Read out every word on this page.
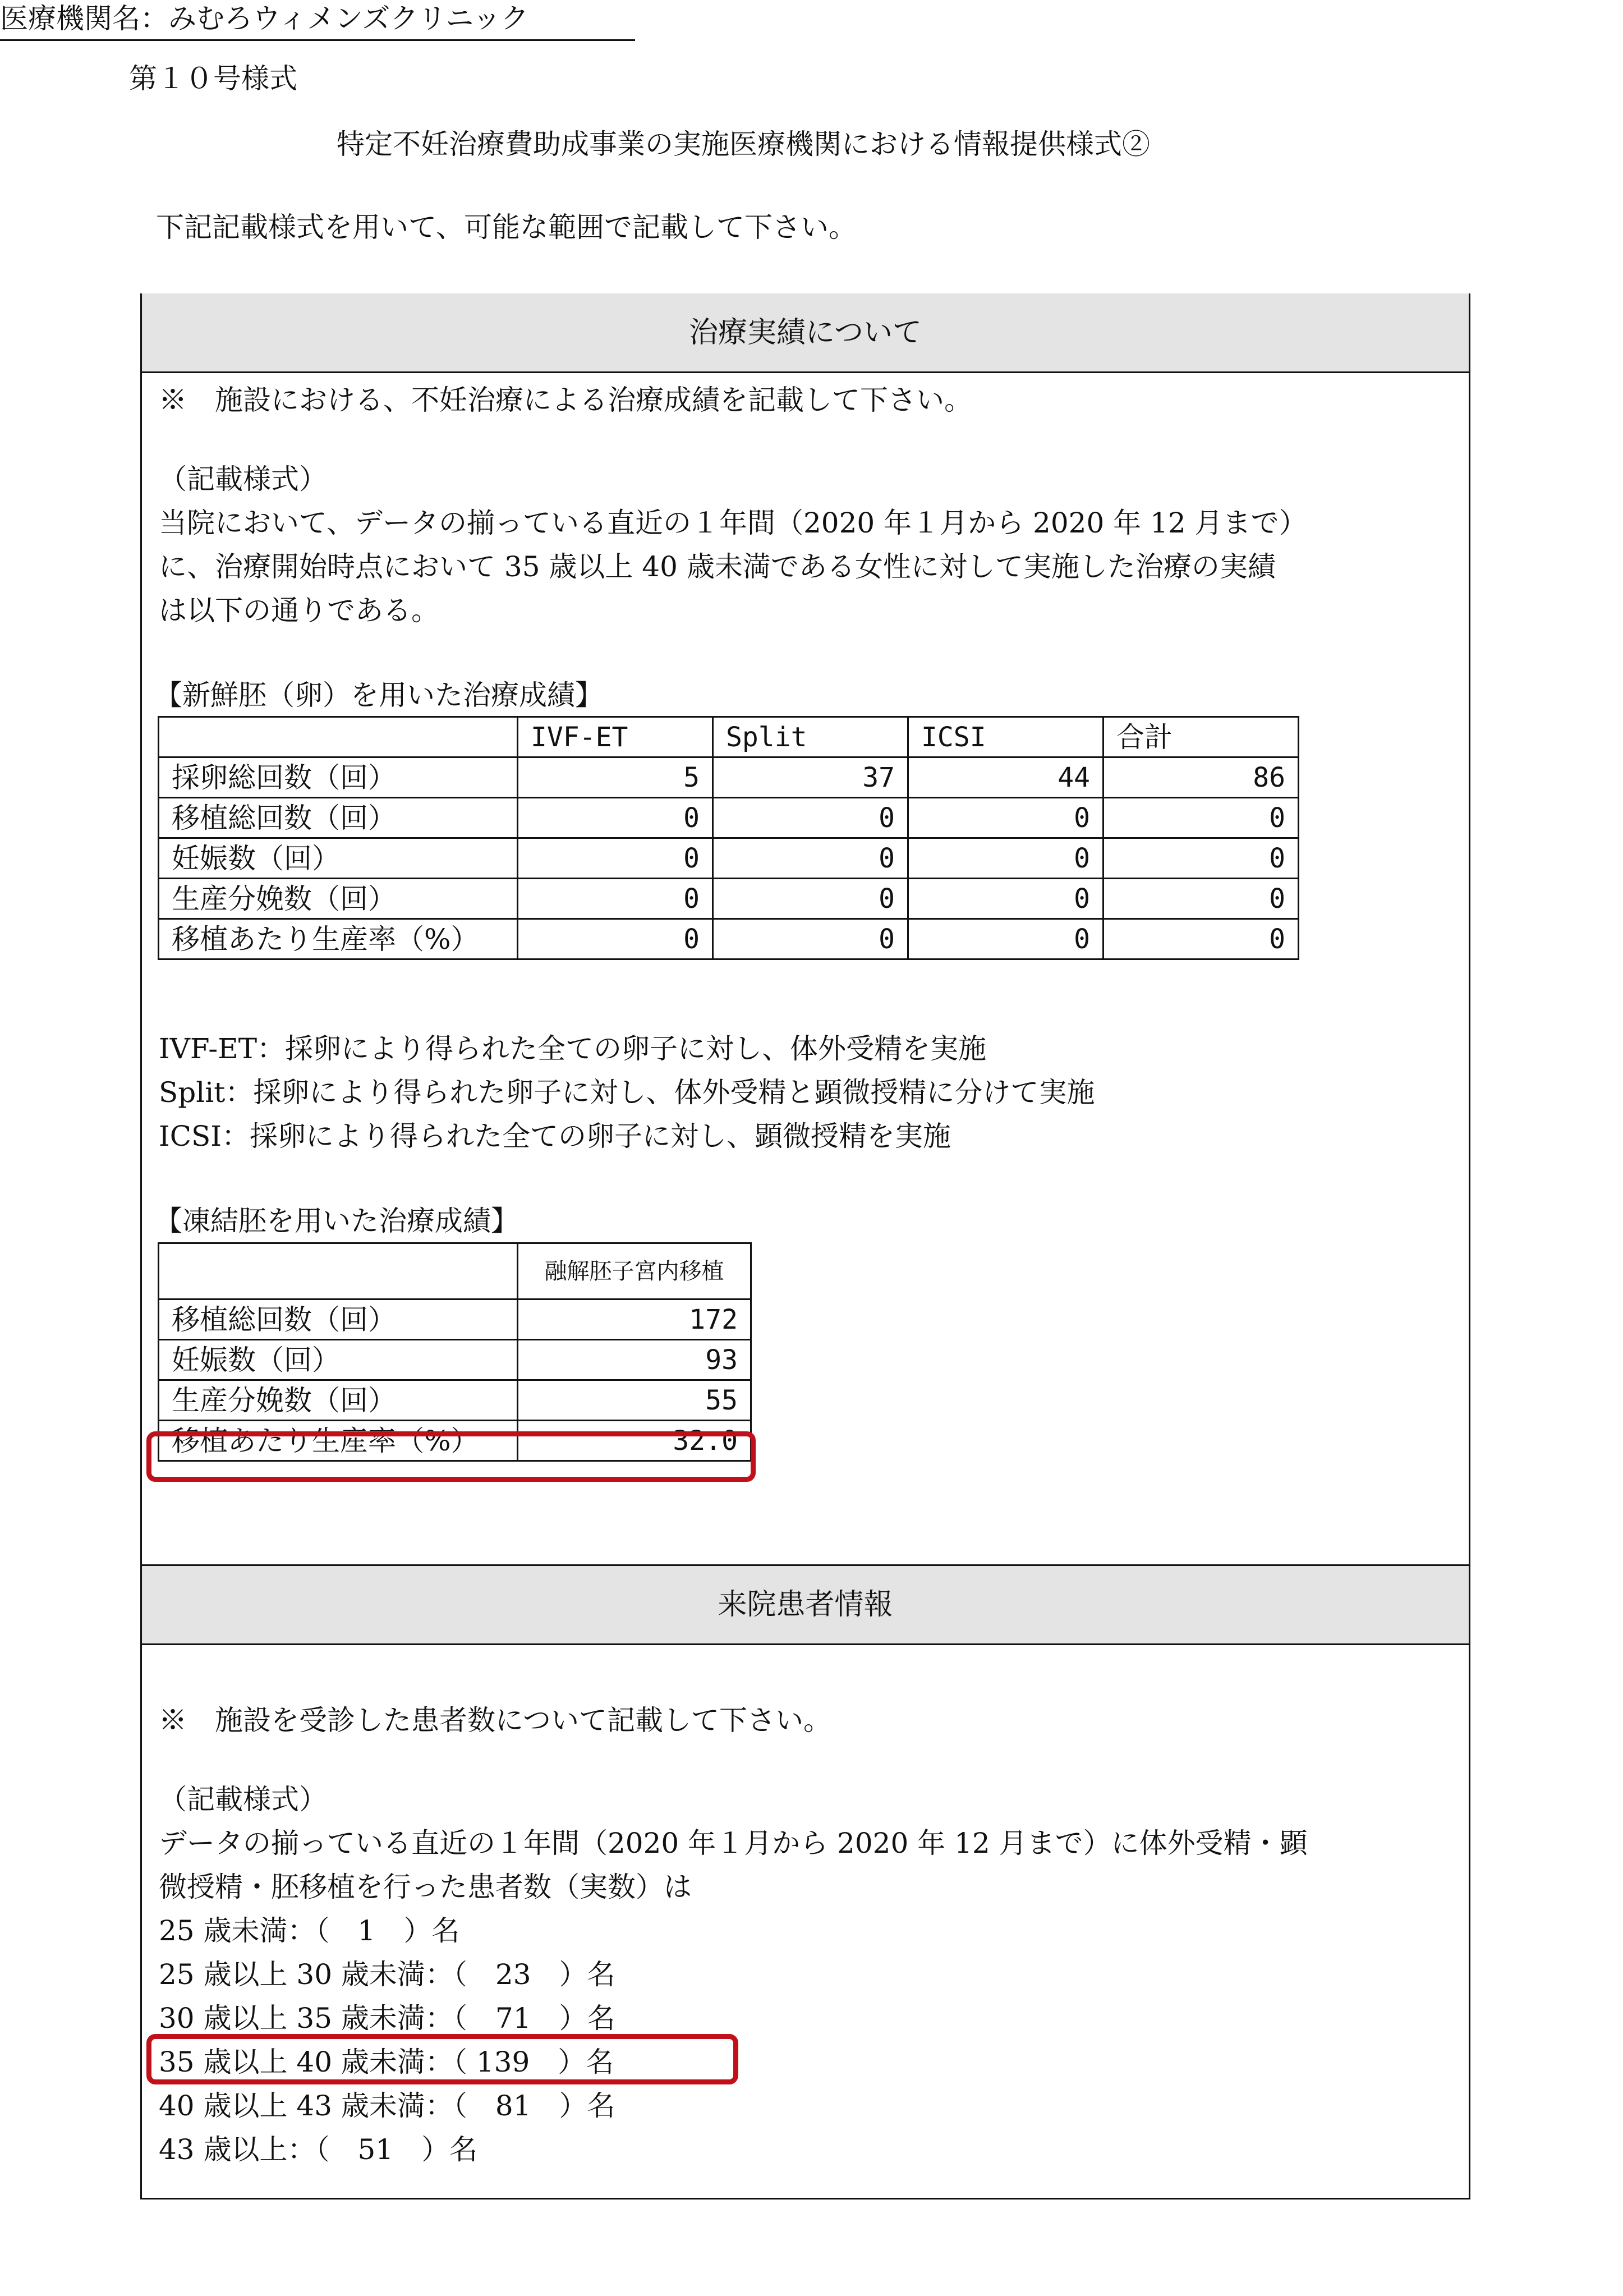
第１０号様式
特定不妊治療費助成事業の実施医療機関における情報提供様式②
下記記載様式を用いて、可能な範囲で記載して下さい。
医療機関名：みむろウィメンズクリニック
治療実績について
※　施設における、不妊治療による治療成績を記載して下さい。
（記載様式）
当院において、データの揃っている直近の１年間（2020 年１月から 2020 年 12 月まで）
に、治療開始時点において 35 歳以上 40 歳未満である女性に対して実施した治療の実績
は以下の通りである。
【新鮮胚（卵）を用いた治療成績】
	IVF-ET	Split	ICSI	合計
採卵総回数（回）	5	37	44	86
移植総回数（回）	0	0	0	0
妊娠数（回）	0	0	0	0
生産分娩数（回）	0	0	0	0
移植あたり生産率（%）	0	0	0	0
IVF-ET：採卵により得られた全ての卵子に対し、体外受精を実施
Split：採卵により得られた卵子に対し、体外受精と顕微授精に分けて実施
ICSI：採卵により得られた全ての卵子に対し、顕微授精を実施
【凍結胚を用いた治療成績】
	融解胚子宮内移植
移植総回数（回）	172
妊娠数（回）	93
生産分娩数（回）	55
移植あたり生産率（%）	32.0
来院患者情報
※　施設を受診した患者数について記載して下さい。
（記載様式）
データの揃っている直近の１年間（2020 年１月から 2020 年 12 月まで）に体外受精・顕
微授精・胚移植を行った患者数（実数）は
25 歳未満：（　1　）名
25 歳以上 30 歳未満：（　23　）名
30 歳以上 35 歳未満：（　71　）名
35 歳以上 40 歳未満：（ 139　）名
40 歳以上 43 歳未満：（　81　）名
43 歳以上：（　51　）名
